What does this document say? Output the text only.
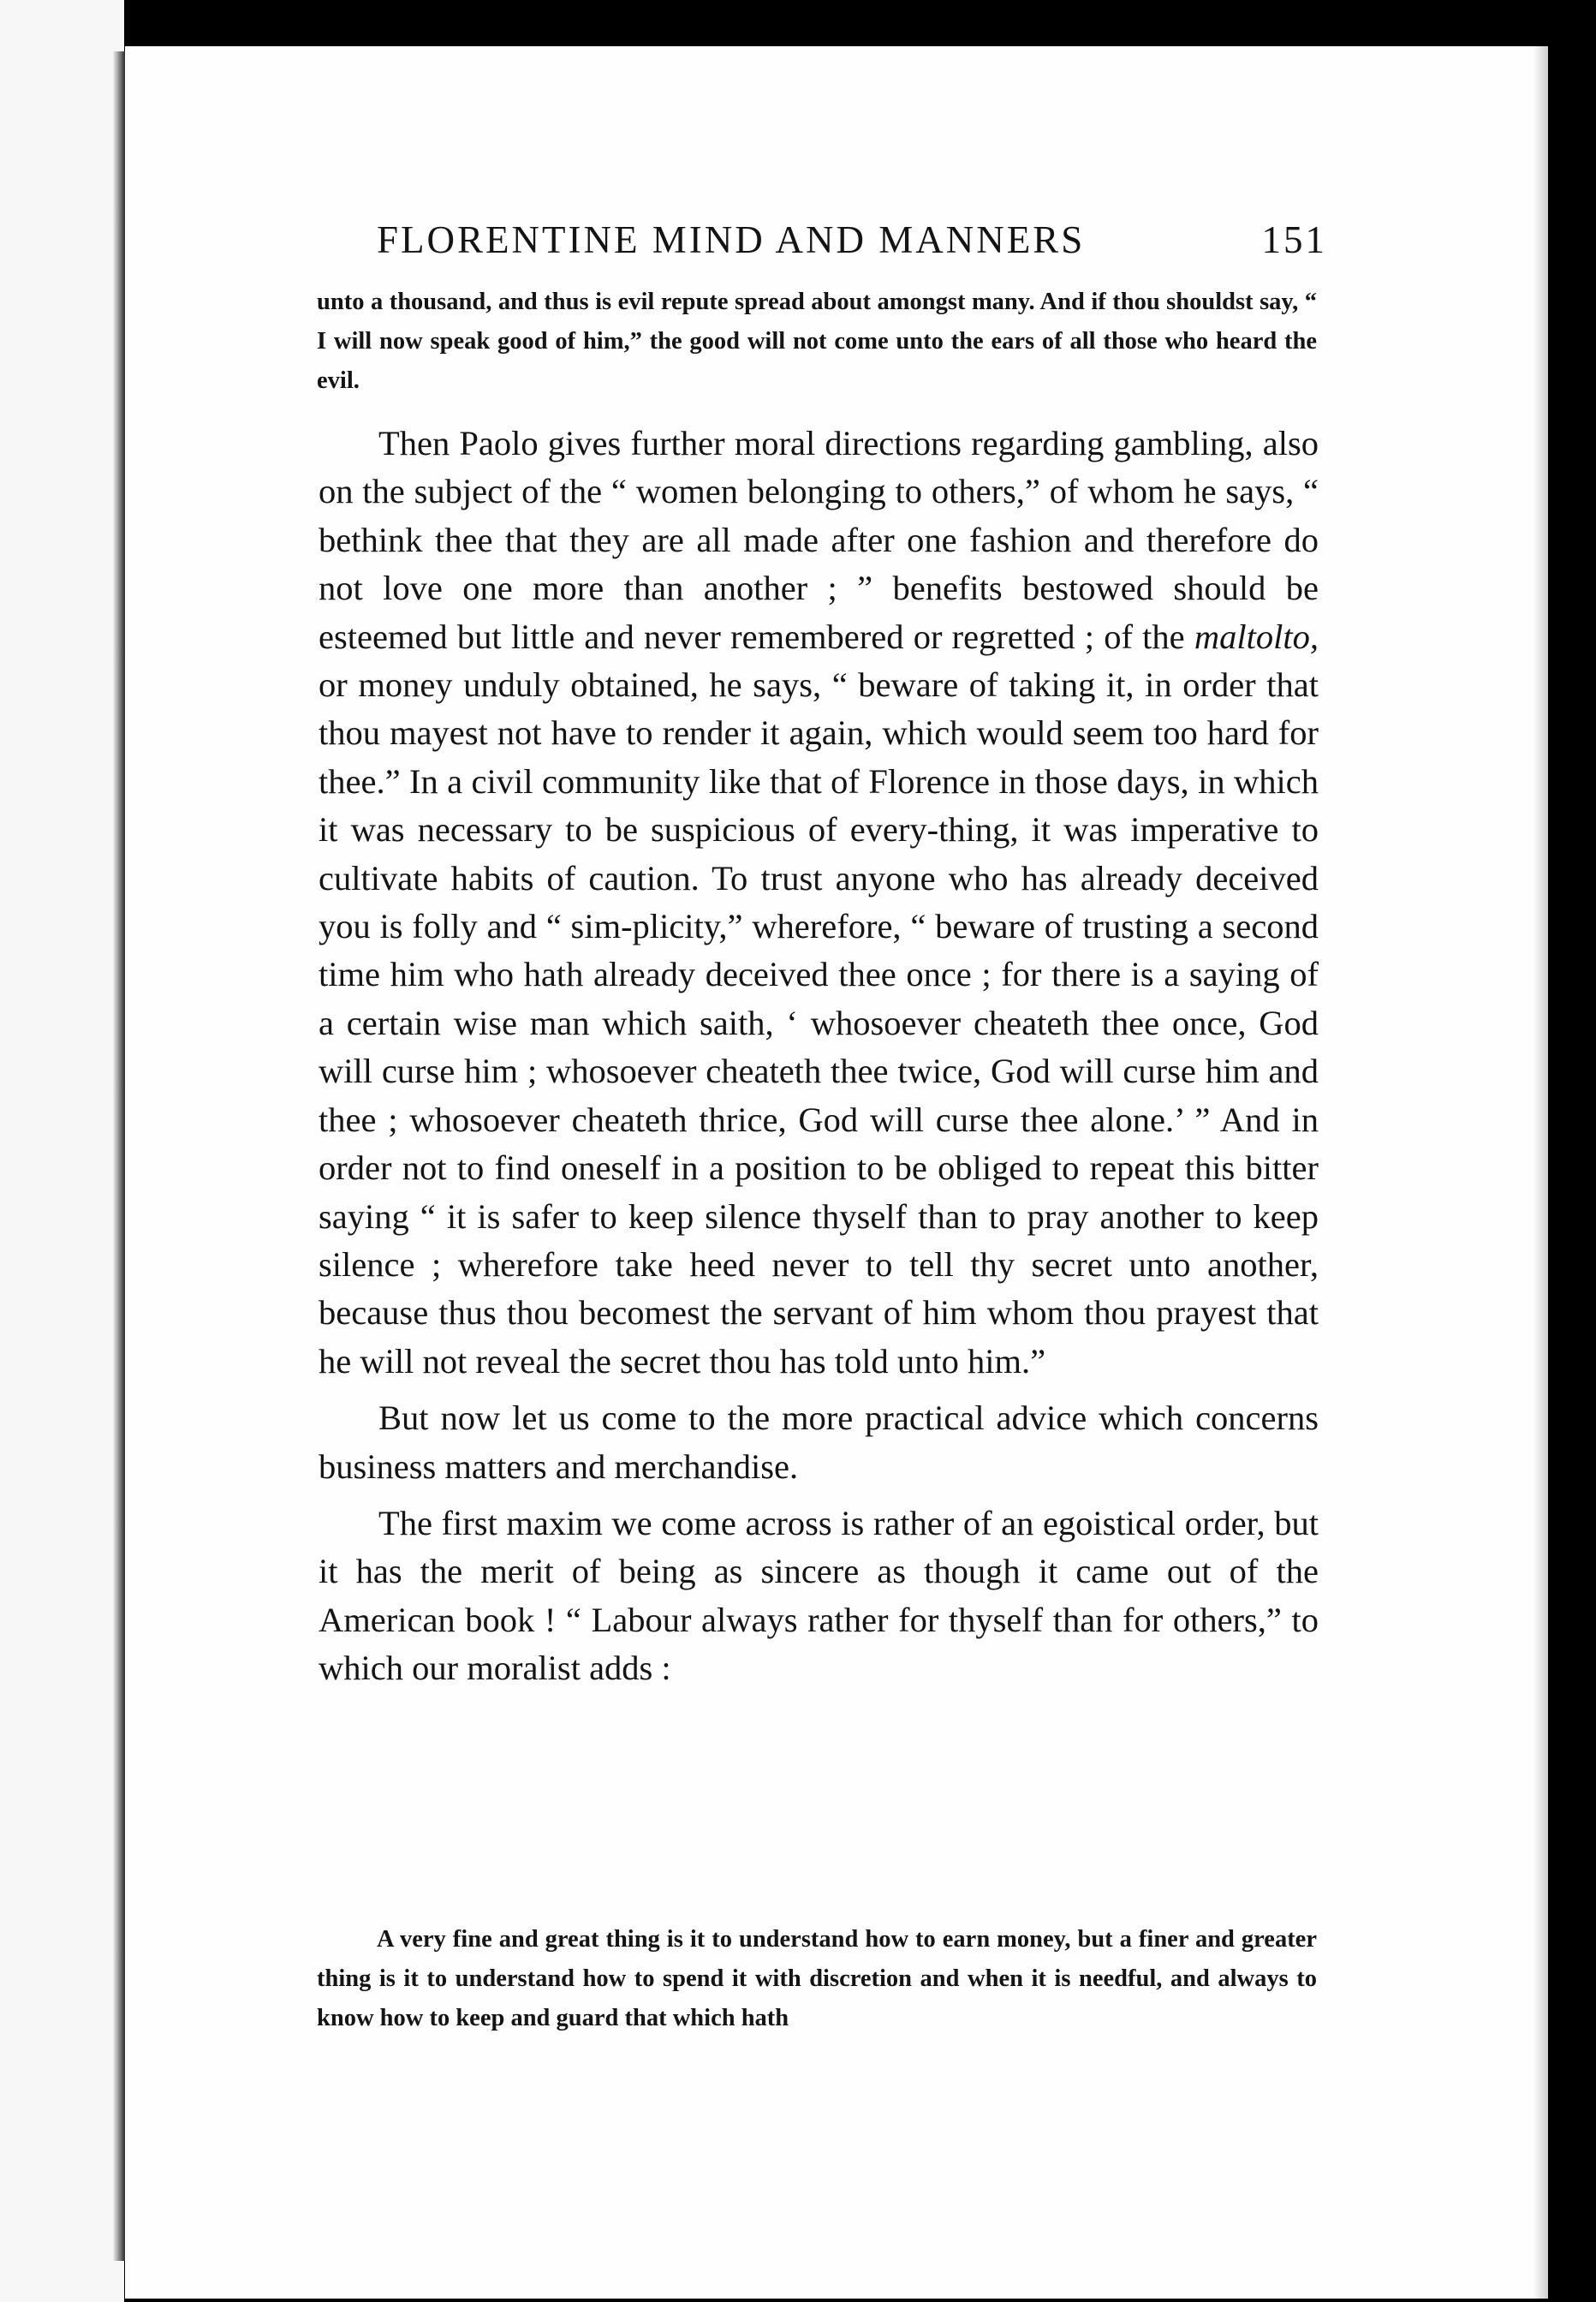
FLORENTINE MIND AND MANNERS	151

unto a thousand, and thus is evil repute spread about amongst many. And if thou shouldst say, “ I will now speak good of him,” the good will not come unto the ears of all those who heard the evil.

Then Paolo gives further moral directions regarding gambling, also on the subject of the “ women belonging to others,” of whom he says, “ bethink thee that they are all made after one fashion and therefore do not love one more than another ; ” benefits bestowed should be esteemed but little and never remembered or regretted ; of the maltolto, or money unduly obtained, he says, “ beware of taking it, in order that thou mayest not have to render it again, which would seem too hard for thee.” In a civil community like that of Florence in those days, in which it was necessary to be suspicious of every-thing, it was imperative to cultivate habits of caution. To trust anyone who has already deceived you is folly and “ sim-plicity,” wherefore, “ beware of trusting a second time him who hath already deceived thee once ; for there is a saying of a certain wise man which saith, ‘ whosoever cheateth thee once, God will curse him ; whosoever cheateth thee twice, God will curse him and thee ; whosoever cheateth thrice, God will curse thee alone.’ ” And in order not to find oneself in a position to be obliged to repeat this bitter saying “ it is safer to keep silence thyself than to pray another to keep silence ; wherefore take heed never to tell thy secret unto another, because thus thou becomest the servant of him whom thou prayest that he will not reveal the secret thou has told unto him.”

But now let us come to the more practical advice which concerns business matters and merchandise.

The first maxim we come across is rather of an egoistical order, but it has the merit of being as sincere as though it came out of the American book ! “ Labour always rather for thyself than for others,” to which our moralist adds :

A very fine and great thing is it to understand how to earn money, but a finer and greater thing is it to understand how to spend it with discretion and when it is needful, and always to know how to keep and guard that which hath
